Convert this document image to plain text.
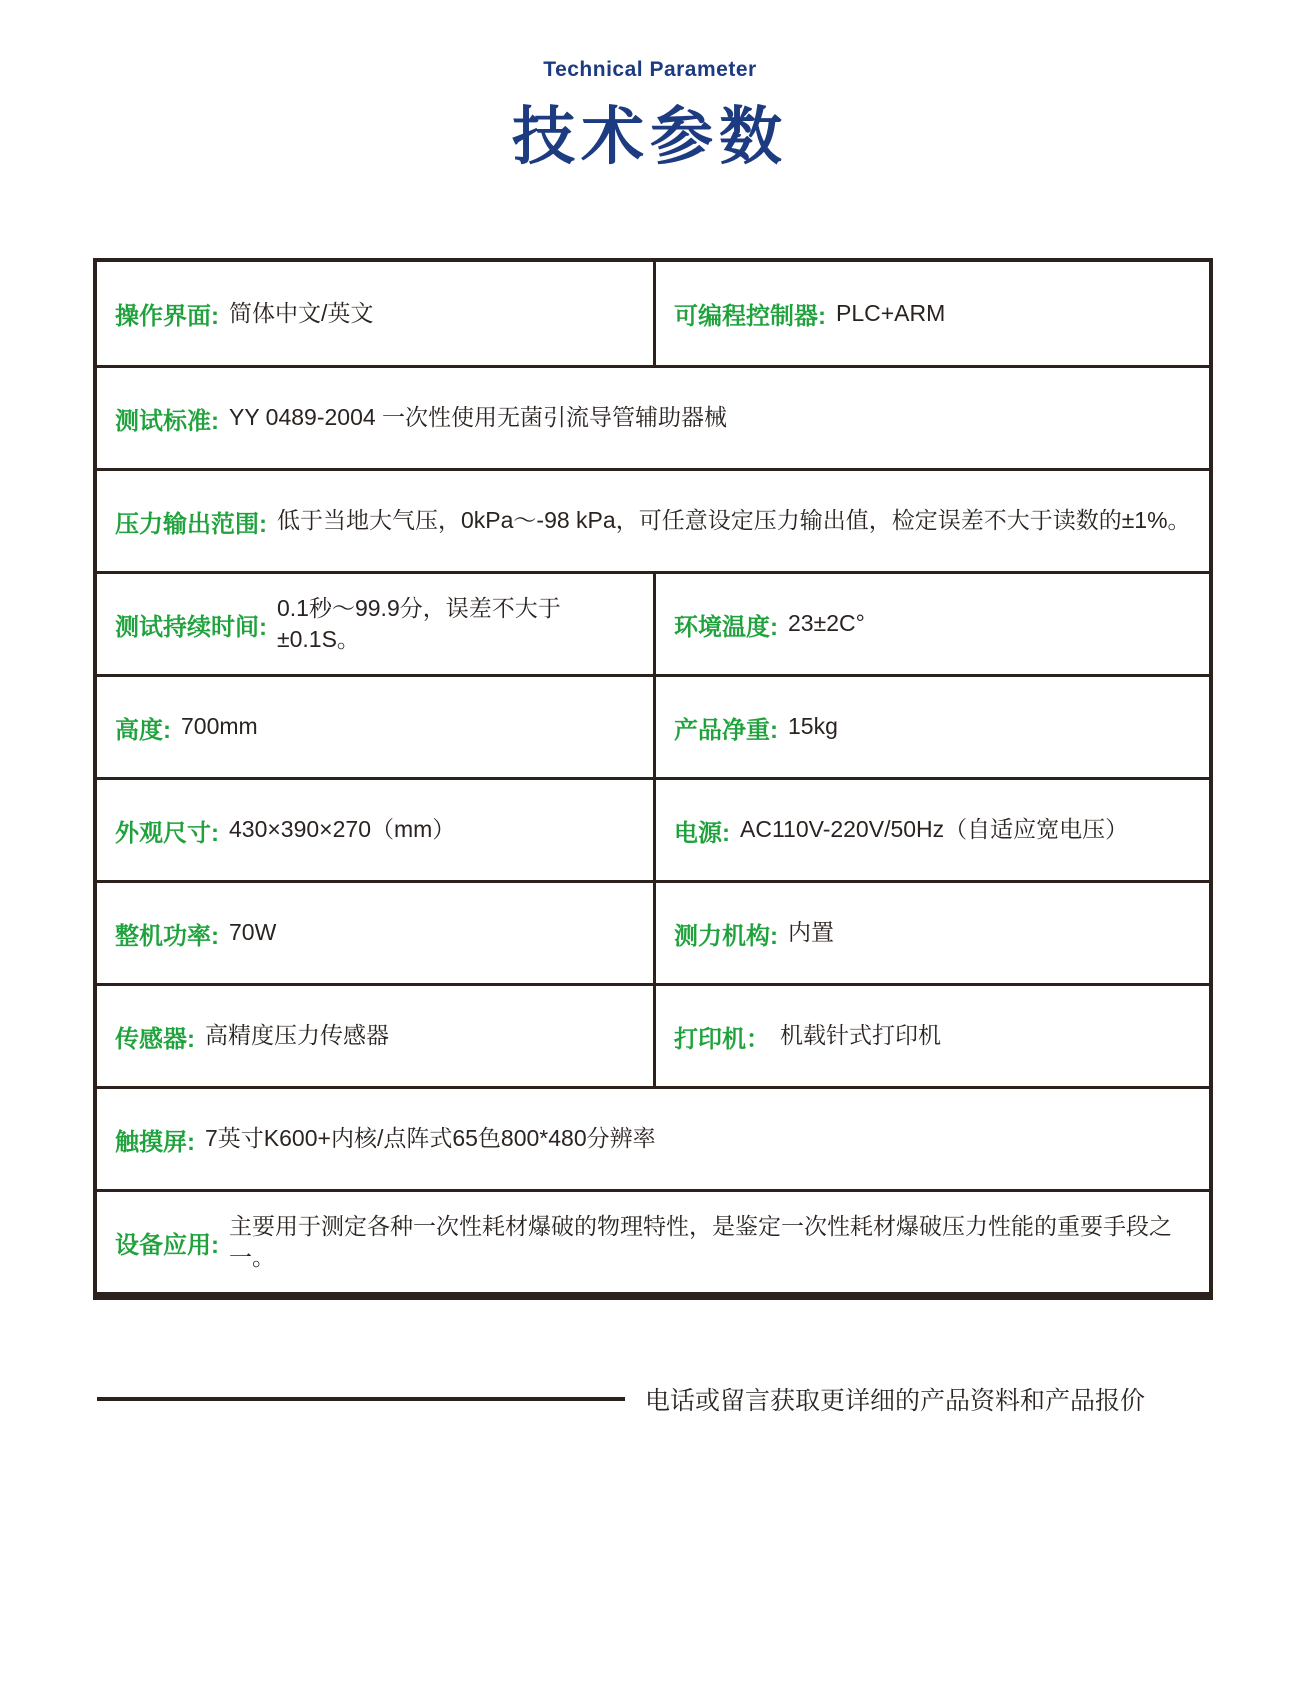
Technical Parameter
技术参数
操作界面: 简体中文/英文	可编程控制器: PLC+ARM
测试标准: YY 0489-2004 一次性使用无菌引流导管辅助器械
压力输出范围: 低于当地大气压，0kPa～-98 kPa，可任意设定压力输出值，检定误差不大于读数的±1%。
测试持续时间:
0.1秒～99.9分，误差不大于±0.1S。	环境温度: 23±2C°
高度: 700mm	产品净重: 15kg
外观尺寸: 430×390×270（mm）	电源: AC110V-220V/50Hz（自适应宽电压）
整机功率: 70W	测力机构: 内置
传感器: 高精度压力传感器	打印机： 机载针式打印机
触摸屏: 7英寸K600+内核/点阵式65色800*480分辨率
设备应用:
主要用于测定各种一次性耗材爆破的物理特性，是鉴定一次性耗材爆破压力性能的重要手段之一。
电话或留言获取更详细的产品资料和产品报价
